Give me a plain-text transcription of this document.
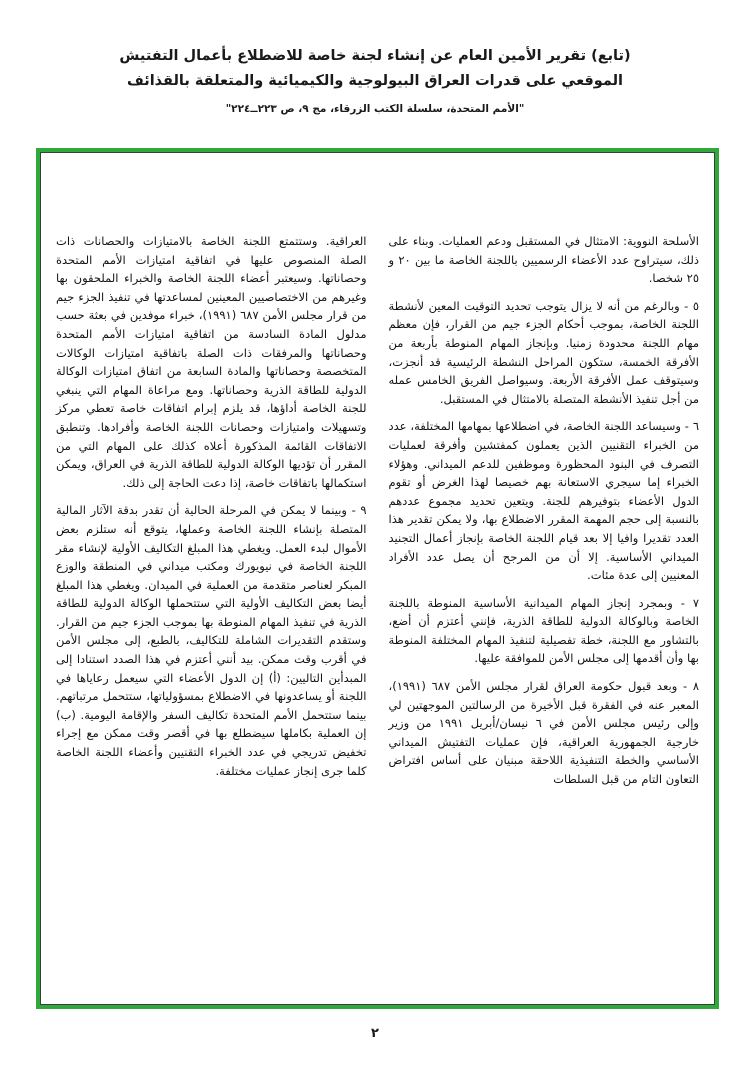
(تابع) تقرير الأمين العام عن إنشاء لجنة خاصة للاضطلاع بأعمال التفتيش
الموقعي على قدرات العراق البيولوجية والكيميائية والمتعلقة بالقذائف
"الأمم المتحدة، سلسلة الكتب الزرقاء، مج ٩، ص ٢٢٣ــ٢٢٤"

الأسلحة النووية: الامتثال في المستقبل ودعم العمليات. وبناء على ذلك، سيتراوح عدد الأعضاء الرسميين باللجنة الخاصة ما بين ٢٠ و ٢٥ شخصا.

٥ - وبالرغم من أنه لا يزال يتوجب تحديد التوقيت المعين لأنشطة اللجنة الخاصة، بموجب أحكام الجزء جيم من القرار، فإن معظم مهام اللجنة محدودة زمنيا. وبإنجاز المهام المنوطة بأربعة من الأفرقة الخمسة، ستكون المراحل النشطة الرئيسية قد أنجزت، وسيتوقف عمل الأفرقة الأربعة. وسيواصل الفريق الخامس عمله من أجل تنفيذ الأنشطة المتصلة بالامتثال في المستقبل.

٦ - وسيساعد اللجنة الخاصة، في اضطلاعها بمهامها المختلفة، عدد من الخبراء التقنيين الذين يعملون كمفتشين وأفرقة لعمليات التصرف في البنود المحظورة وموظفين للدعم الميداني. وهؤلاء الخبراء إما سيجري الاستعانة بهم خصيصا لهذا الغرض أو تقوم الدول الأعضاء بتوفيرهم للجنة. ويتعين تحديد مجموع عددهم بالنسبة إلى حجم المهمة المقرر الاضطلاع بها، ولا يمكن تقدير هذا العدد تقديرا وافيا إلا بعد قيام اللجنة الخاصة بإنجاز أعمال التجنيد الميداني الأساسية. إلا أن من المرجح أن يصل عدد الأفراد المعنيين إلى عدة مئات.

٧ - وبمجرد إنجاز المهام الميدانية الأساسية المنوطة باللجنة الخاصة وبالوكالة الدولية للطاقة الذرية، فإنني أعتزم أن أضع، بالتشاور مع اللجنة، خطة تفصيلية لتنفيذ المهام المختلفة المنوطة بها وأن أقدمها إلى مجلس الأمن للموافقة عليها.

٨ - وبعد قبول حكومة العراق لقرار مجلس الأمن ٦٨٧ (١٩٩١)، المعبر عنه في الفقرة قبل الأخيرة من الرسالتين الموجهتين لي وإلى رئيس مجلس الأمن في ٦ نيسان/أبريل ١٩٩١ من وزير خارجية الجمهورية العراقية، فإن عمليات التفتيش الميداني الأساسي والخطة التنفيذية اللاحقة مبنيان على أساس افتراض التعاون التام من قبل السلطات

العراقية. وستتمتع اللجنة الخاصة بالامتيازات والحصانات ذات الصلة المنصوص عليها في اتفاقية امتيازات الأمم المتحدة وحصاناتها. وسيعتبر أعضاء اللجنة الخاصة والخبراء الملحقون بها وغيرهم من الاختصاصيين المعينين لمساعدتها في تنفيذ الجزء جيم من قرار مجلس الأمن ٦٨٧ (١٩٩١)، خبراء موفدين في بعثة حسب مدلول المادة السادسة من اتفاقية امتيازات الأمم المتحدة وحصاناتها والمرفقات ذات الصلة باتفاقية امتيازات الوكالات المتخصصة وحصاناتها والمادة السابعة من اتفاق امتيازات الوكالة الدولية للطاقة الذرية وحصاناتها. ومع مراعاة المهام التي ينبغي للجنة الخاصة أداؤها، قد يلزم إبرام اتفاقات خاصة تعطي مركز وتسهيلات وامتيازات وحصانات اللجنة الخاصة وأفرادها. وتنطبق الاتفاقات القائمة المذكورة أعلاه كذلك على المهام التي من المقرر أن تؤديها الوكالة الدولية للطاقة الذرية في العراق، ويمكن استكمالها باتفاقات خاصة، إذا دعت الحاجة إلى ذلك.

٩ - وبينما لا يمكن في المرحلة الحالية أن تقدر بدقة الآثار المالية المتصلة بإنشاء اللجنة الخاصة وعملها، يتوقع أنه ستلزم بعض الأموال لبدء العمل. ويغطي هذا المبلغ التكاليف الأولية لإنشاء مقر اللجنة الخاصة في نيويورك ومكتب ميداني في المنطقة والوزع المبكر لعناصر متقدمة من العملية في الميدان. ويغطي هذا المبلغ أيضا بعض التكاليف الأولية التي ستتحملها الوكالة الدولية للطاقة الذرية في تنفيذ المهام المنوطة بها بموجب الجزء جيم من القرار. وستقدم التقديرات الشاملة للتكاليف، بالطبع، إلى مجلس الأمن في أقرب وقت ممكن. بيد أنني أعتزم في هذا الصدد استنادا إلى المبدأين التاليين: (أ) إن الدول الأعضاء التي سيعمل رعاياها في اللجنة أو يساعدونها في الاضطلاع بمسؤولياتها، ستتحمل مرتباتهم. بينما ستتحمل الأمم المتحدة تكاليف السفر والإقامة اليومية. (ب) إن العملية بكاملها سيضطلع بها في أقصر وقت ممكن مع إجراء تخفيض تدريجي في عدد الخبراء التقنيين وأعضاء اللجنة الخاصة كلما جرى إنجاز عمليات مختلفة.

٢
